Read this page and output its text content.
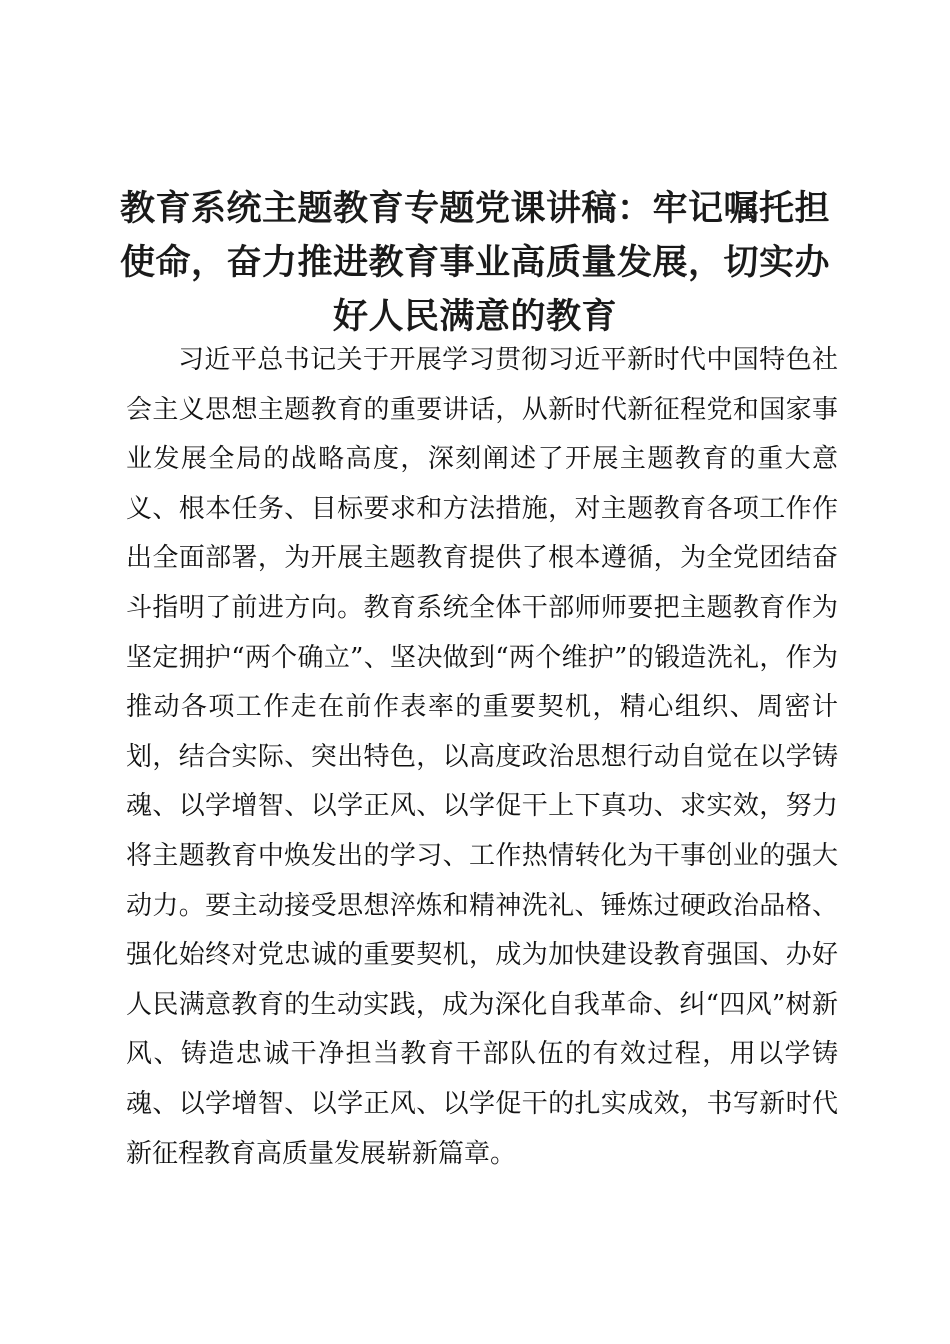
教育系统主题教育专题党课讲稿：牢记嘱托担使命，奋力推进教育事业高质量发展，切实办好人民满意的教育

习近平总书记关于开展学习贯彻习近平新时代中国特色社会主义思想主题教育的重要讲话，从新时代新征程党和国家事业发展全局的战略高度，深刻阐述了开展主题教育的重大意义、根本任务、目标要求和方法措施，对主题教育各项工作作出全面部署，为开展主题教育提供了根本遵循，为全党团结奋斗指明了前进方向。教育系统全体干部师师要把主题教育作为坚定拥护“两个确立”、坚决做到“两个维护”的锻造洗礼，作为推动各项工作走在前作表率的重要契机，精心组织、周密计划，结合实际、突出特色，以高度政治思想行动自觉在以学铸魂、以学增智、以学正风、以学促干上下真功、求实效，努力将主题教育中焕发出的学习、工作热情转化为干事创业的强大动力。要主动接受思想淬炼和精神洗礼、锤炼过硬政治品格、强化始终对党忠诚的重要契机，成为加快建设教育强国、办好人民满意教育的生动实践，成为深化自我革命、纠“四风”树新风、铸造忠诚干净担当教育干部队伍的有效过程，用以学铸魂、以学增智、以学正风、以学促干的扎实成效，书写新时代新征程教育高质量发展崭新篇章。
